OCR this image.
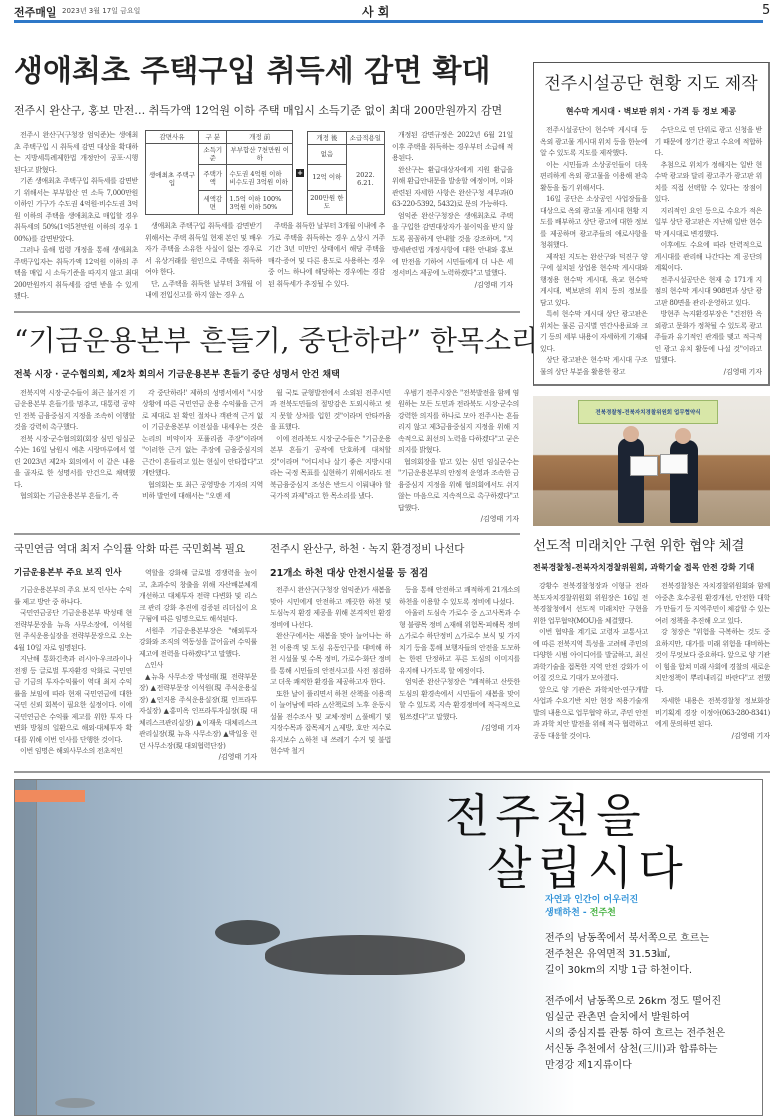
전주매일 2023년 3월 17일 금요일	사 회	5
생애최초 주택구입 취득세 감면 확대
전주시 완산구, 홍보 만전… 취득가액 12억원 이하 주택 매입시 소득기준 없이 최대 200만원까지 감면

전주시 완산구(구청장 엄익준)는 생애최초 주택구입 시 취득세 감면 대상을 확대하는 지방세특례제한법 개정안이 공포·시행된다고 밝혔다.

기존 생애최초 주택구입 취득세를 감면받기 위해서는 부부합산 연 소득 7,000만원 이하인 가구가 수도권 4억원·비수도권 3억원 이하의 주택을 생애최초로 매입할 경우 취득세의 50%(1억5천만원 이하의 경우 100%)를 감면받았다.

그러나 올해 법령 개정을 통해 생애최초 주택구입자는 취득가액 12억원 이하의 주택을 매입 시 소득기준을 따지지 않고 최대 200만원까지 취득세를 감면 받을 수 있게 됐다.

감면사유	구 분	개정 前
생애최초 주택구입	소득기준	부부합산 7천만원 이하
	주택가액	수도권 4억원 이하
비수도권 3억원 이하
	세액감면	1.5억 이하 100%
3억원 이하 50%
+
개정 後	소급적용일
없음	2022. 6.21.
12억 이하	
200만원 한도	

생애최초 주택구입 취득세를 감면받기 위해서는 주택 취득일 현재 본인 및 배우자가 주택을 소유한 사실이 없는 경우로서 유상거래를 원인으로 주택을 취득하여야 한다.

단, △주택을 취득한 날부터 3개월 이내에 전입신고를 하지 않는 경우 △

주택을 취득한 날부터 3개월 이내에 추가로 주택을 취득하는 경우 △상시 거주 기간 3년 미만인 상태에서 해당 주택을 매각·증여 및 다른 용도로 사용하는 경우 중 어느 하나에 해당하는 경우에는 경감된 취득세가 추징될 수 있다.

개정된 감면규정은 2022년 6월 21일 이후 주택을 취득하는 경우부터 소급해 적용된다.

완산구는 환급대상자에게 지원 환급을 위해 환급안내문을 발송할 예정이며, 이와 관련된 자세한 사항은 완산구청 세무과(063-220-5392, 5432)로 문의 가능하다.

엄익준 완산구청장은 생애최초로 주택을 구입한 감면대상자가 불이익을 받지 않도록 꼼꼼하게 안내할 것을 강조하며, "지방세관련법 개정사항에 대한 안내와 홍보에 만전을 기하여 시민들에게 더 나은 세정서비스 제공에 노력하겠다"고 말했다.

/김영태 기자
“기금운용본부 흔들기, 중단하라” 한목소리
전북 시장 · 군수협의회, 제2차 회의서 기금운용본부 흔들기 중단 성명서 안건 채택

전북지역 시장·군수들이 최근 불거진 기금운용본부 흔들기를 멈추고, 대통령 공약인 전북 금융중심지 지정을 조속히 이행할 것을 강력히 촉구했다.

전북 시장·군수협의회(회장 심민 임실군수)는 16일 남원시 예촌 시랑마루에서 열린 2023년 제2차 회의에서 이 같은 내용을 골자로 한 성명서를 안건으로 채택했다.

협의회는 기금운용본부 흔들기, 즉

각 중단하라!' 제하의 성명서에서 "시장 상황에 따른 국민연금 운용 수익률을 근거로 제대로 된 확인 절차나 객관적 근거 없이 기금운용본부 이전설을 내세우는 것은 논리의 비약이자 포퓰리즘 주장"이라며 "이러한 근거 없는 주장에 금융중심지의 근간이 흔들리고 있는 현실이 안타깝다"고 개탄했다.

협의회는 또 최근 공영방송 기자의 지역 비하 발언에 대해서는 "오랜 세

월 국토 균형발전에서 소외된 전주시민과 전북도민들의 절망감은 도외시하고 씻지 못할 상처를 입힌 것"이라며 안타까움을 표했다.

이에 전라북도 시장·군수들은 "기금운용본부 흔들기 공작에 단호하게 대처할 것"이라며 "어디서나 살기 좋은 지방시대라는 국정 목표를 실현하기 위해서라도 전북금융중심지 조성은 반드시 이뤄내야 할 국가적 과제"라고 한 목소리를 냈다.

우범기 전주시장은 "전북발전을 함께 염원하는 모든 도민과 전라북도 시장·군수의 강력한 의지를 하나로 모아 전주시는 흔들리지 않고 제3금융중심지 지정을 위해 지속적으로 최선의 노력을 다하겠다"고 굳은 의지를 밝혔다.

협의회장을 맡고 있는 심민 임실군수는 "기금운용본부의 안정적 운영과 조속한 금융중심지 지정을 위해 협의회에서도 쉬지 않는 마음으로 지속적으로 촉구하겠다"고 답했다.

/김영태 기자
국민연금 역대 최저 수익률 악화 따른 국민회복 필요
기금운용본부 주요 보직 인사

기금운용본부의 주요 보직 인사는 수익률 제고 방안 중 하나다.

국민연금공단 기금운용본부 박성태 현 전략부문장을 뉴욕 사무소장에, 이석원 현 주식운용실장을 전략부문장으로 오는 4월 10일 자로 임명된다.

지난해 통화긴축과 러시아·우크라이나 전쟁 등 글로벌 투자환경 악화로 국민연금 기금의 투자수익률이 역대 최저 수익률을 보임에 따라 현재 국민연금에 대한 국민 신뢰 회복이 필요한 실정이다. 이에 국민연금은 수익률 제고를 위한 투자 다변화 방침의 일환으로 해외·대체투자 확대를 위해 이번 인사를 단행한 것이다.

이번 임명은 해외사무소의 전초적인

역할을 강화해 글로벌 경쟁력을 높이고, 초과수익 창출을 위해 자산배분체계 개선하고 대체투자 전략 다변화 및 리스크 관리 강화 추진에 검증된 리더십이 요구됨에 따른 임명으로도 해석된다.

서원주 기금운용본부장은 "해외투자 강화와 조직의 역동성을 끌어올려 수익률 제고에 전력을 다하겠다"고 말했다.

△인사

▲뉴욕 사무소장 박성태(現 전략부문장) ▲전략부문장 이석원(現 주식운용실장) ▲인지용 주식운용실장(現 인프라투자실장) ▲홍미옥 인프라투자실장(現 대체리스크관리실장) ▲이재욱 대체리스크관리실장(現 뉴욕 사무소장) ▲박일웅 런던 사무소장(現 대외협력단장)

/김영태 기자
전주시 완산구, 하천 · 녹지 환경정비 나선다
21개소 하천 대상 안전시설물 등 점검

전주시 완산구(구청장 엄익준)가 새봄을 맞아 시민에게 안전하고 깨끗한 하천 및 도심녹지 환경 제공을 위해 본격적인 환경정비에 나선다.

완산구에서는 새봄을 맞아 늘어나는 하천 이용객 및 도심 유동인구를 대비해 하천 시설물 및 수목 정비, 가로수·화단 정비를 통해 시민들의 안전사고를 사전 점검하고 더욱 쾌적한 환경을 제공하고자 한다.

또한 날이 풀리면서 하천 산책을 이용객이 늘어남에 따라 △산책로의 노후 운동시설물 전수조사 및 교체·정비 △풀베기 및 지장수목과 잡목제거 △제방, 호안 저수로 유지보수 △하천 내 쓰레기 수거 및 불법 현수막 철거

등을 통해 안전하고 쾌적하게 21개소의 하천을 이용할 수 있도록 정비에 나섰다.

아울러 도심속 가로수 중 △고사목과 수형 불량목 정비 △재해 위험목·피해목 정비 △가로수 하단정비 △가로수 보식 및 가지치기 등을 통해 보행자들의 안전을 도모하는 한편 단정하고 푸른 도심의 이미지를 유지해 나가도록 할 예정이다.

엄익준 완산구청장은 "쾌적하고 산뜻한 도심의 환경속에서 시민들이 새봄을 맞이할 수 있도록 지속 환경정비에 적극적으로 힘쓰겠다"고 말했다.

/김영태 기자
전주시설공단 현황 지도 제작
현수막 게시대 · 벽보판 위치 · 가격 등 정보 제공

전주시설공단이 현수막 게시대 등 옥외 광고물 게시대 위치 등을 한눈에 알 수 있도록 지도를 제작했다.

이는 시민들과 소상공인들이 더욱 편리하게 옥외 광고물을 이용해 판촉 활동을 돕기 위해서다.

16일 공단은 소상공인 사업장들을 대상으로 옥외 광고물 게시대 현황 지도를 배부하고 상단 광고에 대한 정보를 제공하며 광고주들의 애로사항을 청취했다.

제작된 지도는 완산구와 덕진구 양 구에 설치된 상업용 현수막 게시대와 행정용 현수막 게시대, 육교 현수막 게시대, 벽보판의 위치 등의 정보를 담고 있다.

특히 현수막 게시대 상단 광고판은 위치는 물론 금지별 연간사용료와 크기 등의 세부 내용이 자세하게 기재돼 있다.

상단 광고판은 현수막 게시대 구조물의 상단 부분을 활용한 광고

수단으로 연 단위로 광고 신청을 받기 때문에 장기간 광고 수요에 적합하다.

추첨으로 위치가 정해지는 일반 현수막 광고와 달리 광고주가 광고판 위치를 직접 선택할 수 있다는 장점이 있다.

지리적인 요인 등으로 수요가 적은 일부 상단 광고판은 지난해 일반 현수막 게시대로 변경했다.

이후에도 수요에 따라 탄력적으로 게시대를 관리해 나간다는 계 공단의 계획이다.

전주시설공단은 현재 총 171개 지점의 현수막 게시대 908면과 상단 광고판 80면을 관리·운영하고 있다.

방현주 녹지환경부장은 "건전한 옥외광고 문화가 정착될 수 있도록 광고주들과 유기적인 관계를 맺고 적극적인 광고 유치 활동에 나설 것"이라고 말했다.

/김영태 기자
전북경찰청-전북자치경찰위원회 업무협약식
선도적 미래치안 구현 위한 협약 체결
전북경찰청-전북자치경찰위원회, 과학기술 접목 안전 강화 기대

강황수 전북경찰청장과 이형규 전라북도자치경찰위원회 위원장은 16일 전북경찰청에서 선도적 미래치안 구현을 위한 업무협약(MOU)을 체결했다.

이번 협약을 계기로 고령자 교통사고에 따른 전북지역 특성을 고려해 주민의 다양한 시범 아이디어를 발굴하고, 최신 과학기술을 접목한 지역 안전 강화가 이어질 것으로 기대가 모아졌다.

앞으로 양 기관은 과학치안·연구개발사업과 수요기반 치안 현장 적용기술개발의 내용으로 업무협약 하고, 주민 안전과 과학 치안 발전을 위해 적극 협력하고 공동 대응할 것이다.

전북경찰청은 자치경찰위원회와 함께 아중촌 호수공원 환경개선, 안전한 대학가 만들기 등 지역주민이 체감할 수 있는 여러 정책을 추진해 오고 있다.

강 청장은 "위험을 극복하는 것도 중요하지만, 대가를 미래 위험을 대비하는 것이 무엇보다 중요하다. 앞으로 양 기관이 힘을 합쳐 미래 사회에 경찰의 새로운 치안정책이 뿌리내리길 바란다"고 전했다.

자세한 내용은 전북경찰청 정보화장비기획계 경장 이정아(063-280-8341)에게 문의하면 된다.

/김영태 기자
전주천을
살립시다
자연과 인간이 어우러진
생태하천 - 전주천
전주의 남동쪽에서 북서쪽으로 흐르는
전주천은 유역면적 31.53㎢,
길이 30km의 지방 1급 하천이다.
전주에서 남동쪽으로 26km 정도 떨어진
임실군 관촌면 슬치에서 발원하여
시의 중심지를 관통 하여 흐르는 전주천은
서신동 추천에서 삼천(三川)과 합류하는
만경강 제1지류이다
